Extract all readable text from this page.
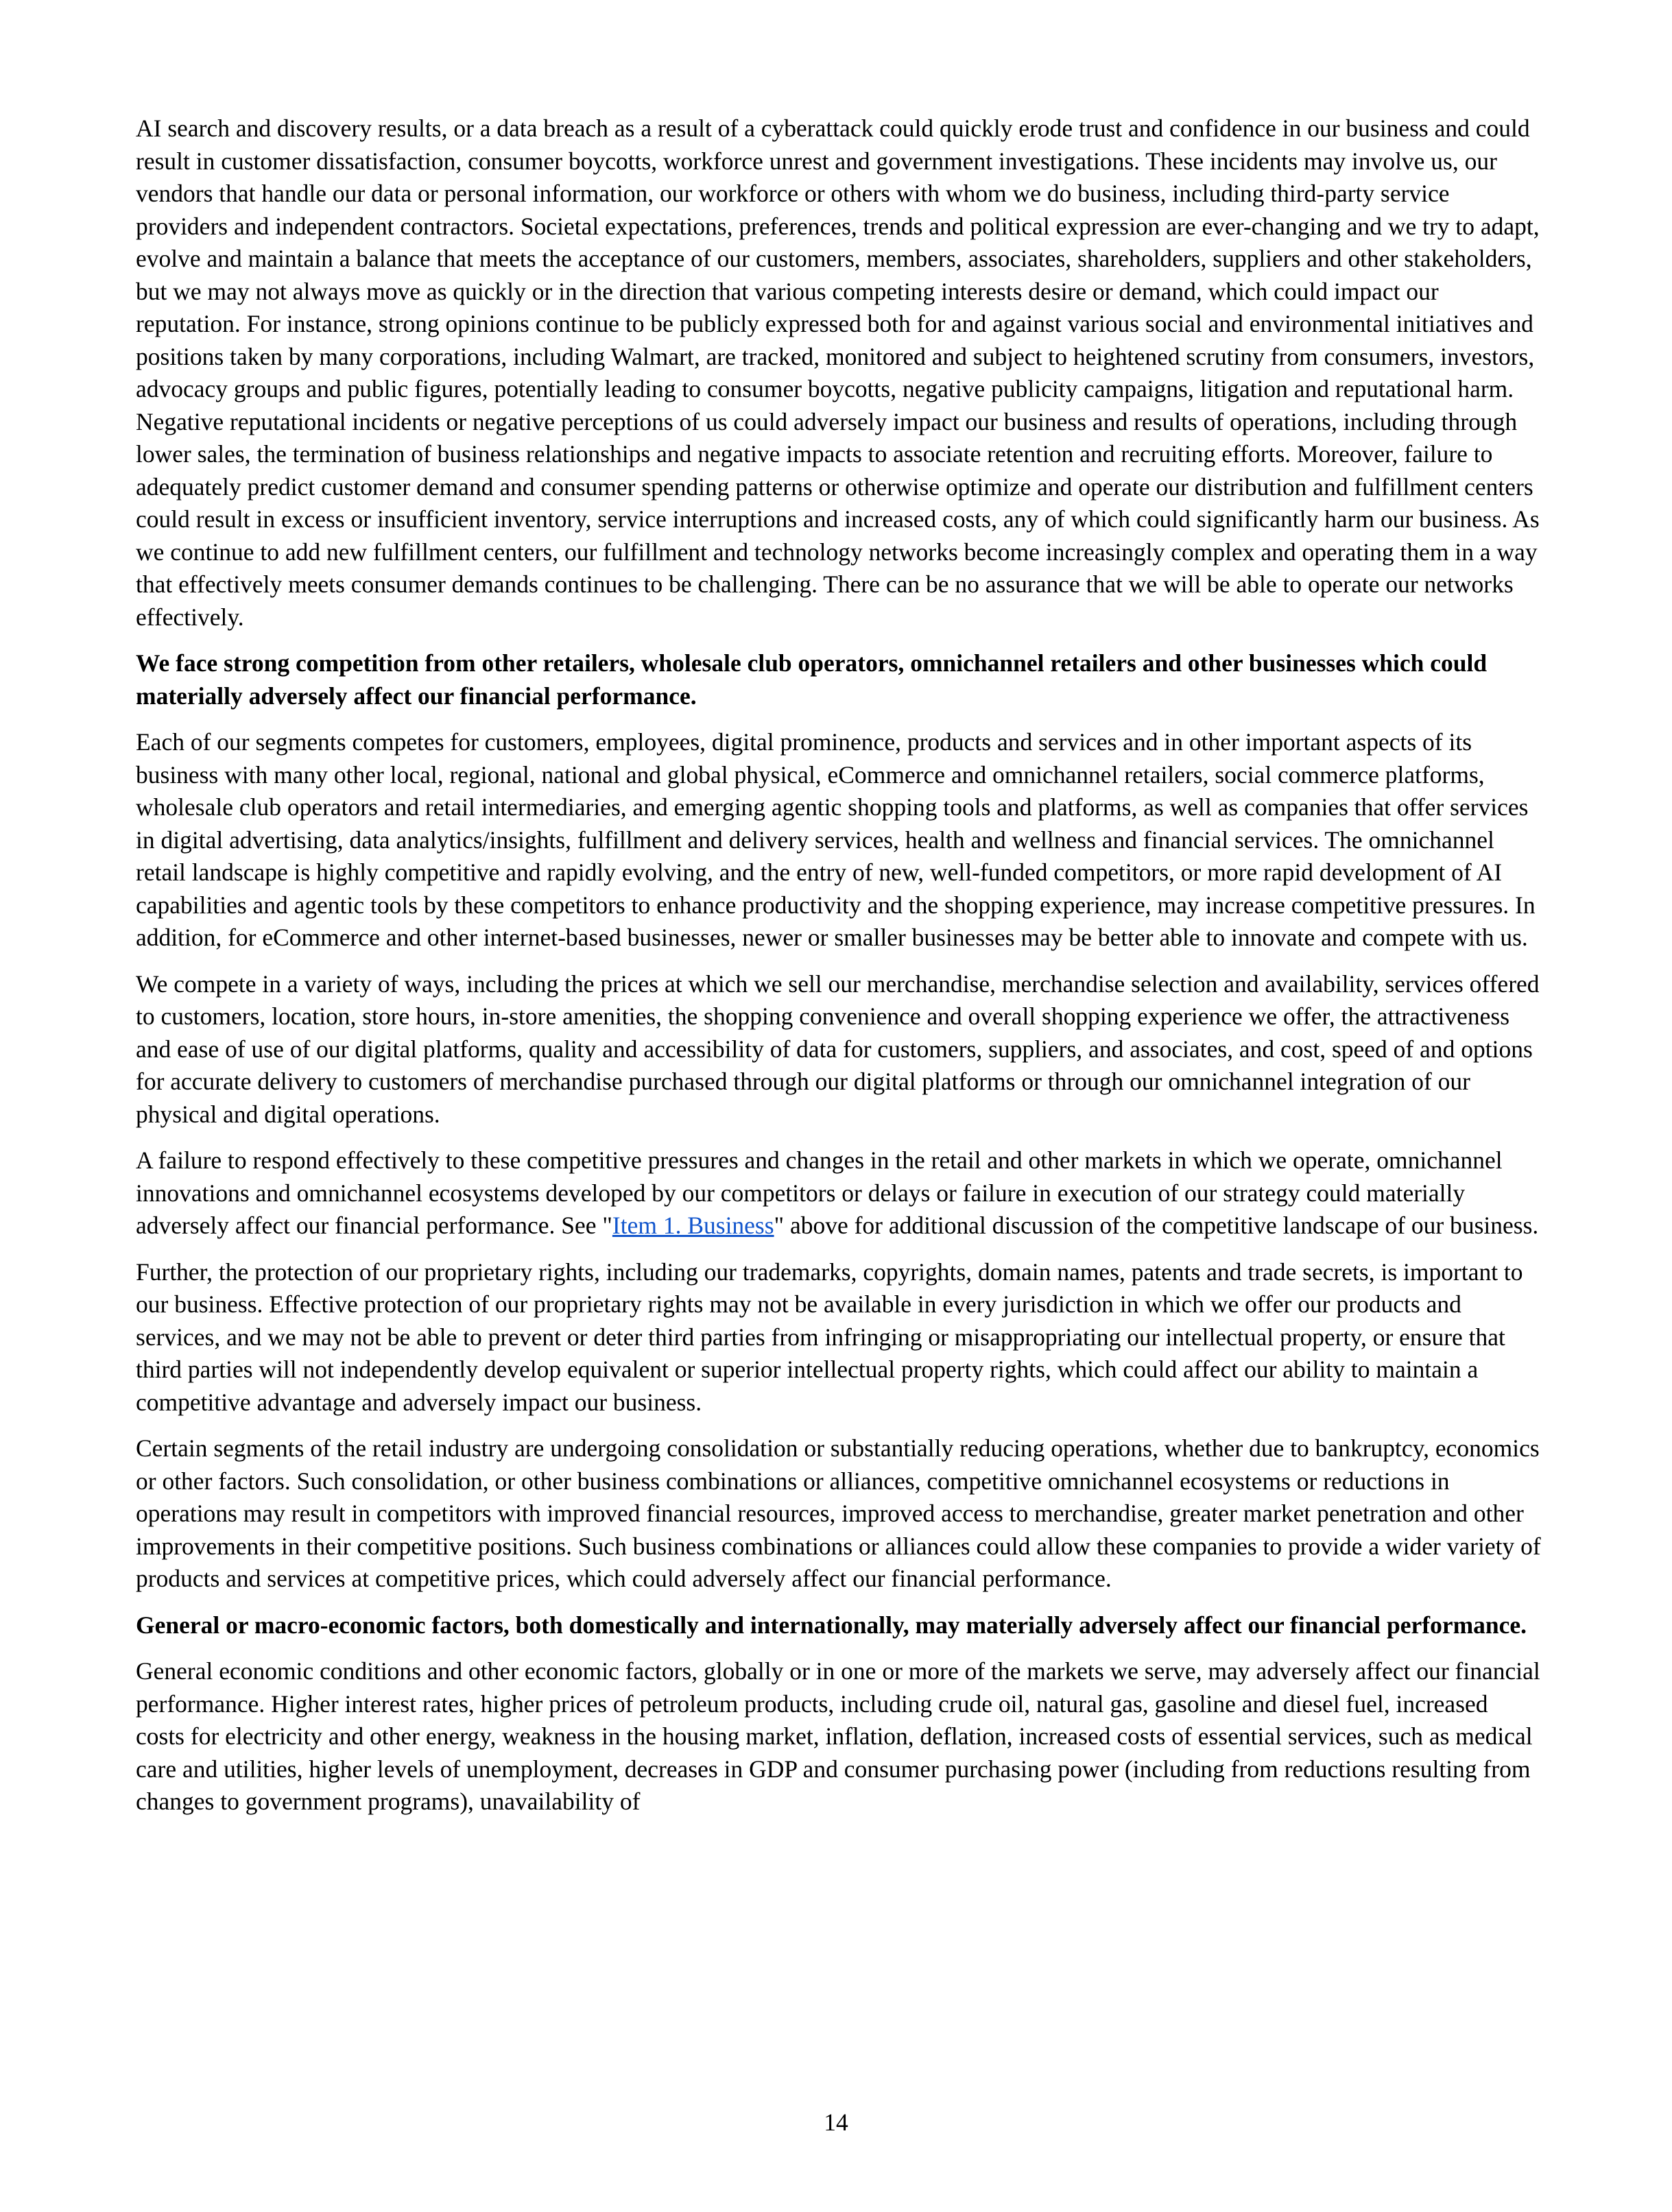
AI search and discovery results, or a data breach as a result of a cyberattack could quickly erode trust and confidence in our business and could result in customer dissatisfaction, consumer boycotts, workforce unrest and government investigations. These incidents may involve us, our vendors that handle our data or personal information, our workforce or others with whom we do business, including third-party service providers and independent contractors. Societal expectations, preferences, trends and political expression are ever-changing and we try to adapt, evolve and maintain a balance that meets the acceptance of our customers, members, associates, shareholders, suppliers and other stakeholders, but we may not always move as quickly or in the direction that various competing interests desire or demand, which could impact our reputation. For instance, strong opinions continue to be publicly expressed both for and against various social and environmental initiatives and positions taken by many corporations, including Walmart, are tracked, monitored and subject to heightened scrutiny from consumers, investors, advocacy groups and public figures, potentially leading to consumer boycotts, negative publicity campaigns, litigation and reputational harm. Negative reputational incidents or negative perceptions of us could adversely impact our business and results of operations, including through lower sales, the termination of business relationships and negative impacts to associate retention and recruiting efforts. Moreover, failure to adequately predict customer demand and consumer spending patterns or otherwise optimize and operate our distribution and fulfillment centers could result in excess or insufficient inventory, service interruptions and increased costs, any of which could significantly harm our business. As we continue to add new fulfillment centers, our fulfillment and technology networks become increasingly complex and operating them in a way that effectively meets consumer demands continues to be challenging. There can be no assurance that we will be able to operate our networks effectively.

We face strong competition from other retailers, wholesale club operators, omnichannel retailers and other businesses which could materially adversely affect our financial performance.

Each of our segments competes for customers, employees, digital prominence, products and services and in other important aspects of its business with many other local, regional, national and global physical, eCommerce and omnichannel retailers, social commerce platforms, wholesale club operators and retail intermediaries, and emerging agentic shopping tools and platforms, as well as companies that offer services in digital advertising, data analytics/insights, fulfillment and delivery services, health and wellness and financial services. The omnichannel retail landscape is highly competitive and rapidly evolving, and the entry of new, well-funded competitors, or more rapid development of AI capabilities and agentic tools by these competitors to enhance productivity and the shopping experience, may increase competitive pressures. In addition, for eCommerce and other internet-based businesses, newer or smaller businesses may be better able to innovate and compete with us.

We compete in a variety of ways, including the prices at which we sell our merchandise, merchandise selection and availability, services offered to customers, location, store hours, in-store amenities, the shopping convenience and overall shopping experience we offer, the attractiveness and ease of use of our digital platforms, quality and accessibility of data for customers, suppliers, and associates, and cost, speed of and options for accurate delivery to customers of merchandise purchased through our digital platforms or through our omnichannel integration of our physical and digital operations.

A failure to respond effectively to these competitive pressures and changes in the retail and other markets in which we operate, omnichannel innovations and omnichannel ecosystems developed by our competitors or delays or failure in execution of our strategy could materially adversely affect our financial performance. See "Item 1. Business" above for additional discussion of the competitive landscape of our business.

Further, the protection of our proprietary rights, including our trademarks, copyrights, domain names, patents and trade secrets, is important to our business. Effective protection of our proprietary rights may not be available in every jurisdiction in which we offer our products and services, and we may not be able to prevent or deter third parties from infringing or misappropriating our intellectual property, or ensure that third parties will not independently develop equivalent or superior intellectual property rights, which could affect our ability to maintain a competitive advantage and adversely impact our business.

Certain segments of the retail industry are undergoing consolidation or substantially reducing operations, whether due to bankruptcy, economics or other factors. Such consolidation, or other business combinations or alliances, competitive omnichannel ecosystems or reductions in operations may result in competitors with improved financial resources, improved access to merchandise, greater market penetration and other improvements in their competitive positions. Such business combinations or alliances could allow these companies to provide a wider variety of products and services at competitive prices, which could adversely affect our financial performance.

General or macro-economic factors, both domestically and internationally, may materially adversely affect our financial performance.

General economic conditions and other economic factors, globally or in one or more of the markets we serve, may adversely affect our financial performance. Higher interest rates, higher prices of petroleum products, including crude oil, natural gas, gasoline and diesel fuel, increased costs for electricity and other energy, weakness in the housing market, inflation, deflation, increased costs of essential services, such as medical care and utilities, higher levels of unemployment, decreases in GDP and consumer purchasing power (including from reductions resulting from changes to government programs), unavailability of

14
